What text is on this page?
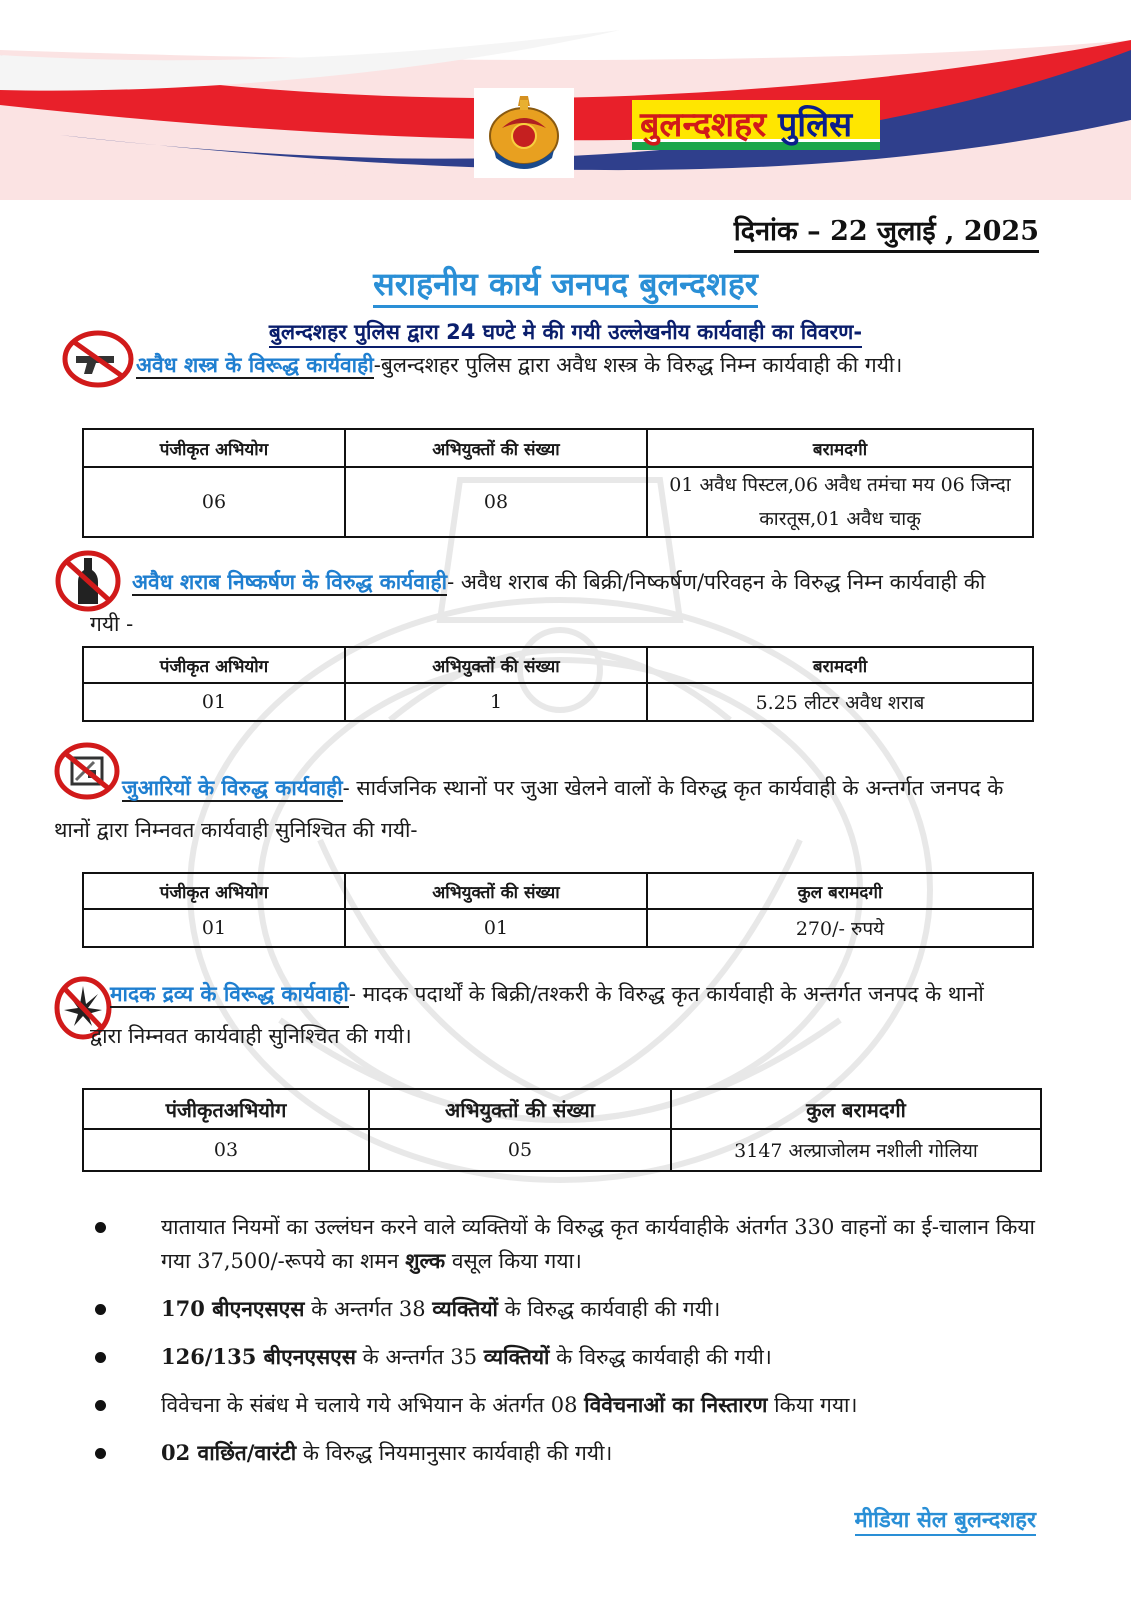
बुलन्दशहर पुलिस
दिनांक – 22 जुलाई , 2025
सराहनीय कार्य जनपद बुलन्दशहर
बुलन्दशहर पुलिस द्वारा 24 घण्टे मे की गयी उल्लेखनीय कार्यवाही का विवरण-
अवैध शस्त्र के विरूद्ध कार्यवाही-बुलन्दशहर पुलिस द्वारा अवैध शस्त्र के विरुद्ध निम्न कार्यवाही की गयी।
पंजीकृत अभियोग	अभियुक्तों की संख्या	बरामदगी
06	08	01 अवैध पिस्टल,06 अवैध तमंचा मय 06 जिन्दा कारतूस,01 अवैध चाकू
अवैध शराब निष्कर्षण के विरुद्ध कार्यवाही- अवैध शराब की बिक्री/निष्कर्षण/परिवहन के विरुद्ध निम्न कार्यवाही की गयी -
पंजीकृत अभियोग	अभियुक्तों की संख्या	बरामदगी
01	1	5.25 लीटर अवैध शराब
जुआरियों के विरुद्ध कार्यवाही- सार्वजनिक स्थानों पर जुआ खेलने वालों के विरुद्ध कृत कार्यवाही के अन्तर्गत जनपद के थानों द्वारा निम्नवत कार्यवाही सुनिश्चित की गयी-
पंजीकृत अभियोग	अभियुक्तों की संख्या	कुल बरामदगी
01	01	270/- रुपये
मादक द्रव्य के विरूद्ध कार्यवाही- मादक पदार्थों के बिक्री/तश्करी के विरुद्ध कृत कार्यवाही के अन्तर्गत जनपद के थानों द्वारा निम्नवत कार्यवाही सुनिश्चित की गयी।
पंजीकृतअभियोग	अभियुक्तों की संख्या	कुल बरामदगी
03	05	3147 अल्प्राजोलम नशीली गोलिया
यातायात नियमों का उल्लंघन करने वाले व्यक्तियों के विरुद्ध कृत कार्यवाहीके अंतर्गत 330 वाहनों का ई-चालान किया गया 37,500/-रूपये का शमन शुल्क वसूल किया गया।
170 बीएनएसएस के अन्तर्गत 38 व्यक्तियों के विरुद्ध कार्यवाही की गयी।
126/135 बीएनएसएस के अन्तर्गत 35 व्यक्तियों के विरुद्ध कार्यवाही की गयी।
विवेचना के संबंध मे चलाये गये अभियान के अंतर्गत 08 विवेचनाओं का निस्तारण किया गया।
02 वाछिंत/वारंटी के विरुद्ध नियमानुसार कार्यवाही की गयी।
मीडिया सेल बुलन्दशहर
